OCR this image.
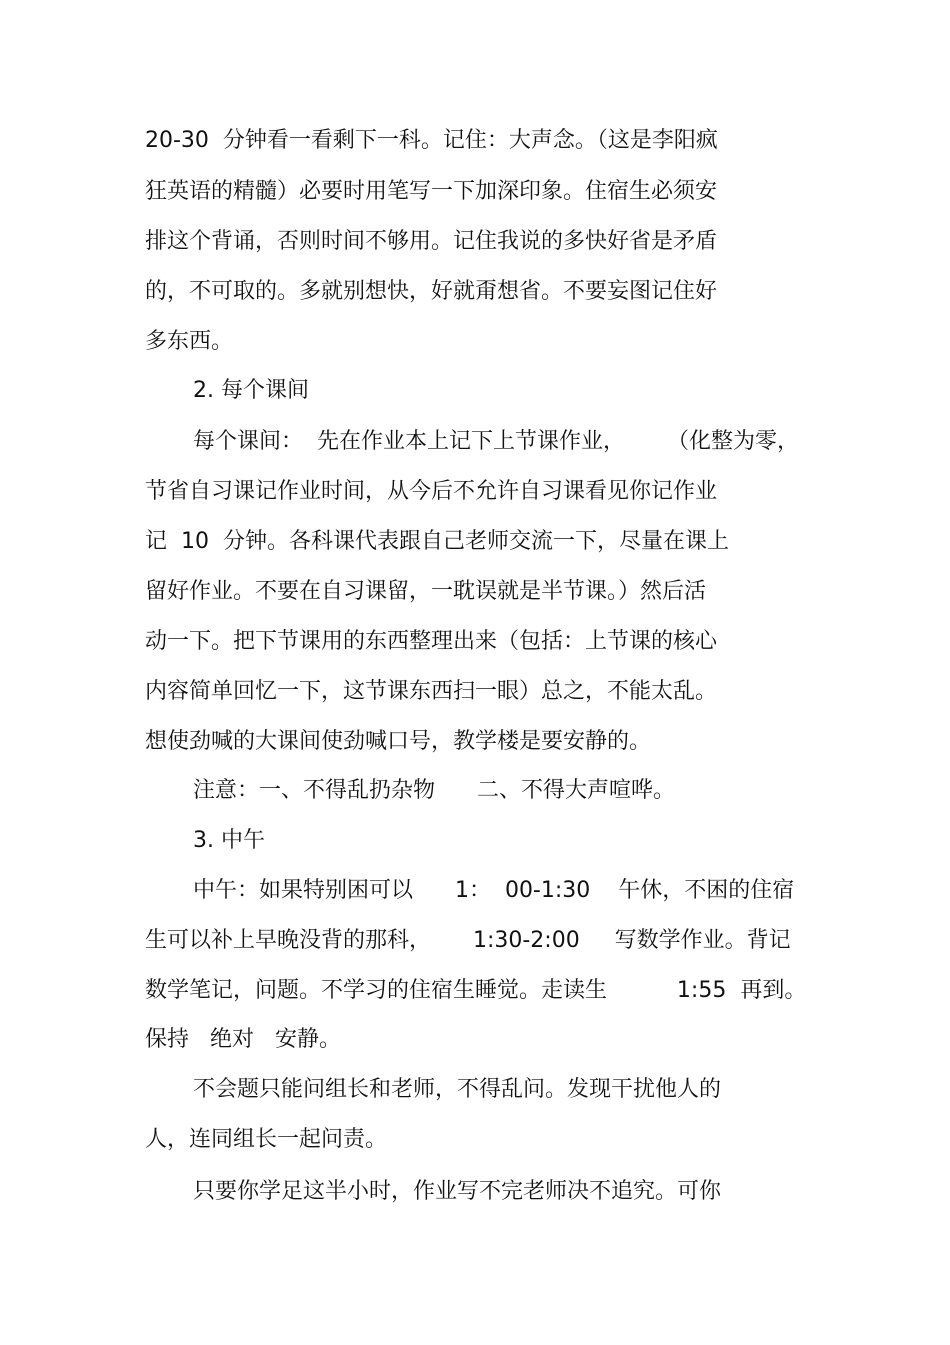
20-30  分钟看一看剩下一科。记住：大声念。（这是李阳疯
狂英语的精髓）必要时用笔写一下加深印象。住宿生必须安
排这个背诵，否则时间不够用。记住我说的多快好省是矛盾
的，不可取的。多就别想快，好就甭想省。不要妄图记住好
多东西。
2. 每个课间
每个课间：  先在作业本上记下上节课作业，      （化整为零，
节省自习课记作业时间，从今后不允许自习课看见你记作业
记  10  分钟。各科课代表跟自己老师交流一下，尽量在课上
留好作业。不要在自习课留，一耽误就是半节课。）然后活
动一下。把下节课用的东西整理出来（包括：上节课的核心
内容简单回忆一下，这节课东西扫一眼）总之，不能太乱。
想使劲喊的大课间使劲喊口号，教学楼是要安静的。
注意：一、不得乱扔杂物      二、不得大声喧哗。
3. 中午
中午：如果特别困可以      1：  00-1:30    午休，不困的住宿
生可以补上早晚没背的那科，      1:30-2:00     写数学作业。背记
数学笔记，问题。不学习的住宿生睡觉。走读生          1:55  再到。
保持   绝对   安静。
不会题只能问组长和老师，不得乱问。发现干扰他人的
人，连同组长一起问责。
只要你学足这半小时，作业写不完老师决不追究。可你
